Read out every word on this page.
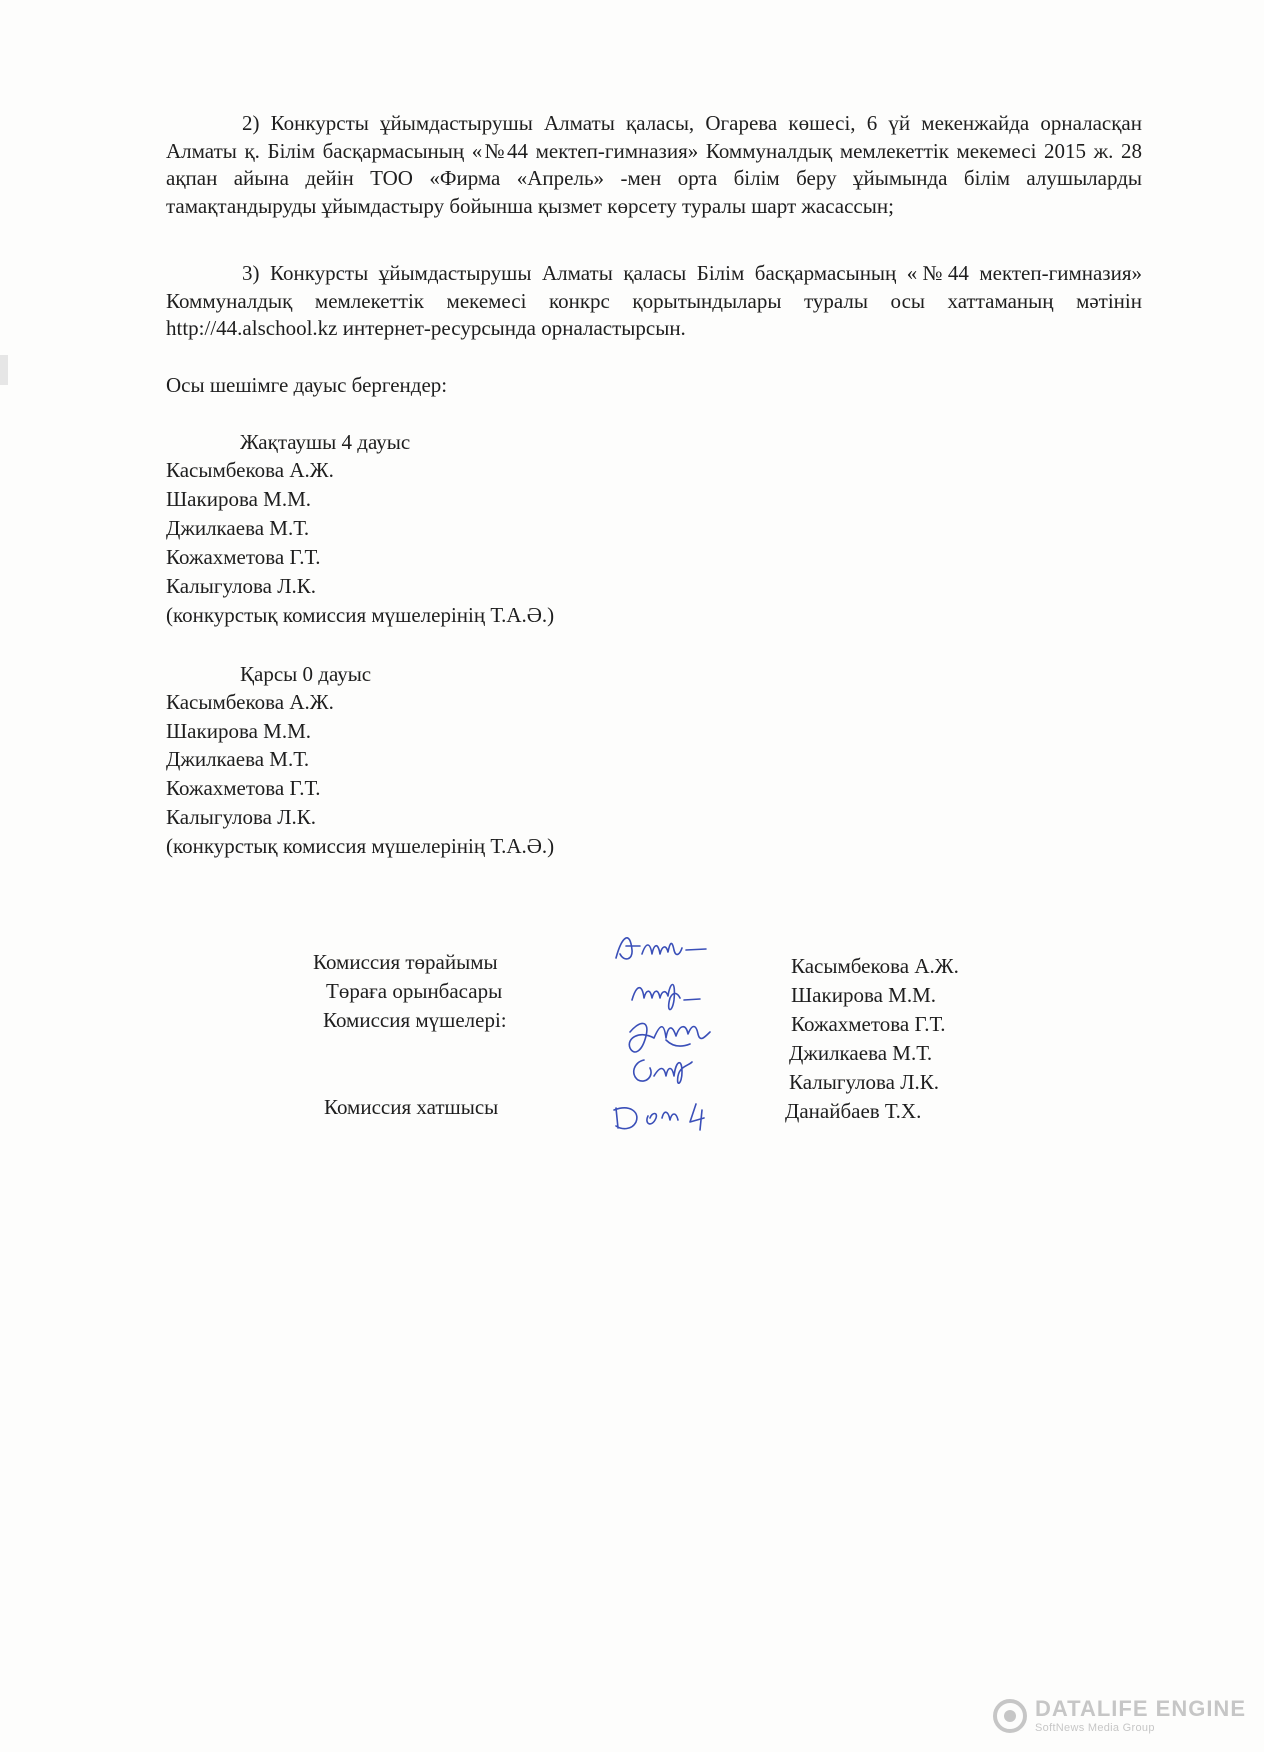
2) Конкурсты ұйымдастырушы Алматы қаласы, Огарева көшесі, 6 үй мекенжайда орналасқан Алматы қ. Білім басқармасының «№44 мектеп-гимназия» Коммуналдық мемлекеттік мекемесі 2015 ж. 28 ақпан айына дейін ТОО «Фирма «Апрель» -мен орта білім беру ұйымында білім алушыларды тамақтандыруды ұйымдастыру бойынша қызмет көрсету туралы шарт жасассын;
3) Конкурсты ұйымдастырушы Алматы қаласы Білім басқармасының «№44 мектеп-гимназия» Коммуналдық мемлекеттік мекемесі конкрс қорытындылары туралы осы хаттаманың мәтінін http://44.alschool.kz интернет-ресурсында орналастырсын.
Осы шешімге дауыс бергендер:
Жақтаушы 4 дауыс
Касымбекова А.Ж.
Шакирова М.М.
Джилкаева М.Т.
Кожахметова Г.Т.
Калыгулова Л.К.
(конкурстық комиссия мүшелерінің Т.А.Ә.)
Қарсы 0 дауыс
Касымбекова А.Ж.
Шакирова М.М.
Джилкаева М.Т.
Кожахметова Г.Т.
Калыгулова Л.К.
(конкурстық комиссия мүшелерінің Т.А.Ә.)
Комиссия төрайымы
Төраға орынбасары
Комиссия мүшелері:
Комиссия хатшысы
Касымбекова А.Ж.
Шакирова М.М.
Кожахметова Г.Т.
Джилкаева М.Т.
Калыгулова Л.К.
Данайбаев Т.Х.
DATALIFE ENGINE
SoftNews Media Group
